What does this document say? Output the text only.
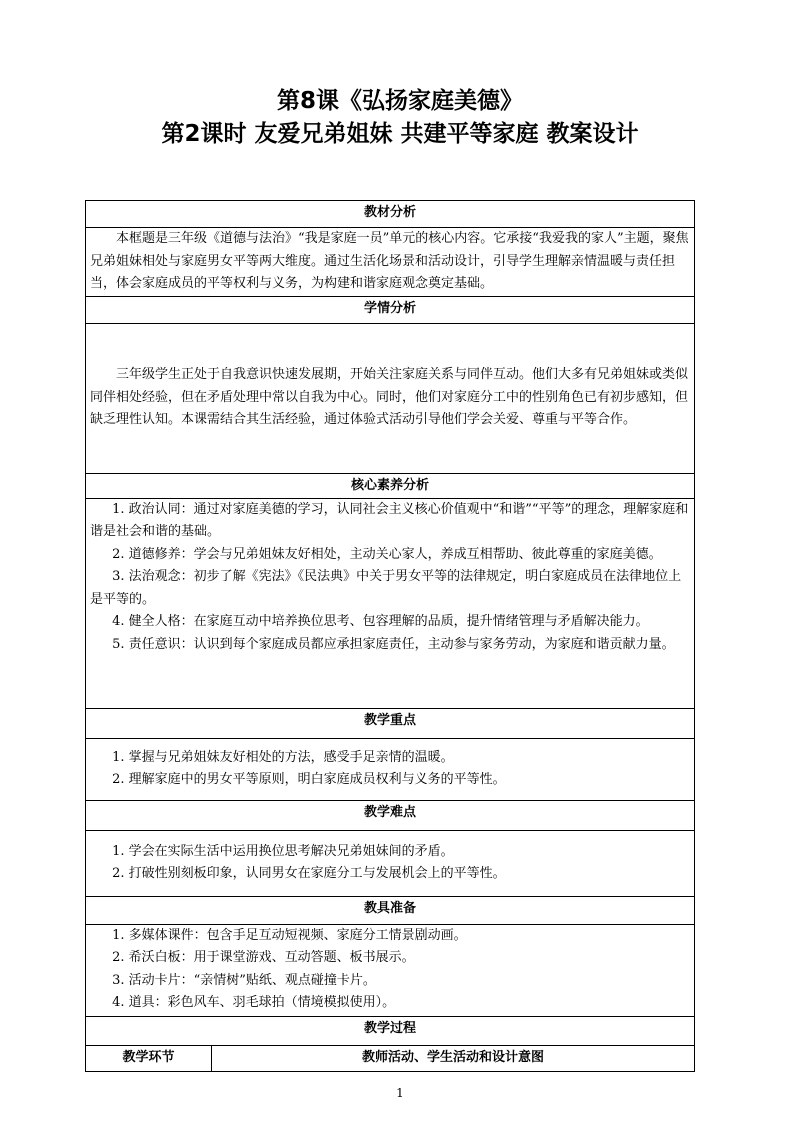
第8课《弘扬家庭美德》
第2课时 友爱兄弟姐妹 共建平等家庭 教案设计
教材分析

本框题是三年级《道德与法治》“我是家庭一员”单元的核心内容。它承接“我爱我的家人”主题，聚焦兄弟姐妹相处与家庭男女平等两大维度。通过生活化场景和活动设计，引导学生理解亲情温暖与责任担当，体会家庭成员的平等权利与义务，为构建和谐家庭观念奠定基础。

学情分析

三年级学生正处于自我意识快速发展期，开始关注家庭关系与同伴互动。他们大多有兄弟姐妹或类似同伴相处经验，但在矛盾处理中常以自我为中心。同时，他们对家庭分工中的性别角色已有初步感知，但缺乏理性认知。本课需结合其生活经验，通过体验式活动引导他们学会关爱、尊重与平等合作。

核心素养分析

1. 政治认同：通过对家庭美德的学习，认同社会主义核心价值观中“和谐”“平等”的理念，理解家庭和谐是社会和谐的基础。

2. 道德修养：学会与兄弟姐妹友好相处，主动关心家人，养成互相帮助、彼此尊重的家庭美德。

3. 法治观念：初步了解《宪法》《民法典》中关于男女平等的法律规定，明白家庭成员在法律地位上是平等的。

4. 健全人格：在家庭互动中培养换位思考、包容理解的品质，提升情绪管理与矛盾解决能力。

5. 责任意识：认识到每个家庭成员都应承担家庭责任，主动参与家务劳动，为家庭和谐贡献力量。

教学重点

1. 掌握与兄弟姐妹友好相处的方法，感受手足亲情的温暖。

2. 理解家庭中的男女平等原则，明白家庭成员权利与义务的平等性。

教学难点

1. 学会在实际生活中运用换位思考解决兄弟姐妹间的矛盾。

2. 打破性别刻板印象，认同男女在家庭分工与发展机会上的平等性。

教具准备

1. 多媒体课件：包含手足互动短视频、家庭分工情景剧动画。

2. 希沃白板：用于课堂游戏、互动答题、板书展示。

3. 活动卡片：“亲情树”贴纸、观点碰撞卡片。

4. 道具：彩色风车、羽毛球拍（情境模拟使用）。

教学过程
教学环节	教师活动、学生活动和设计意图
1
